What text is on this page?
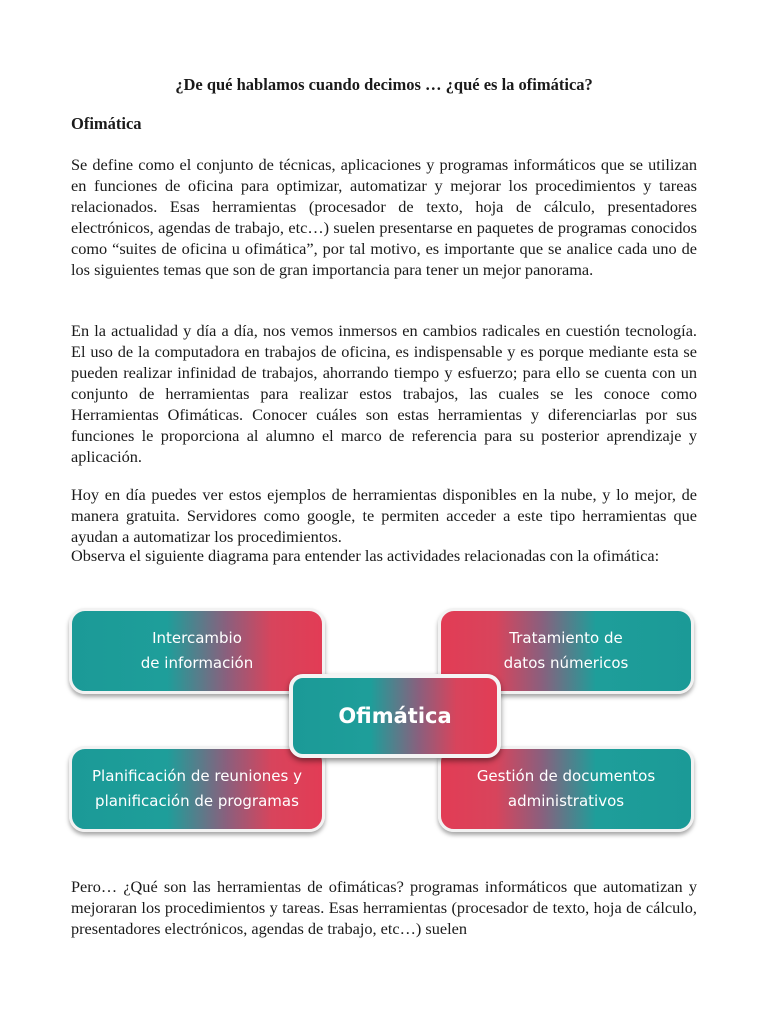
¿De qué hablamos cuando decimos … ¿qué es la ofimática?
Ofimática

Se define como el conjunto de técnicas, aplicaciones y programas informáticos que se utilizan en funciones de oficina para optimizar, automatizar y mejorar los procedimientos y tareas relacionados. Esas herramientas (procesador de texto, hoja de cálculo, presentadores electrónicos, agendas de trabajo, etc…) suelen presentarse en paquetes de programas conocidos como “suites de oficina u ofimática”, por tal motivo, es importante que se analice cada uno de los siguientes temas que son de gran importancia para tener un mejor panorama.

En la actualidad y día a día, nos vemos inmersos en cambios radicales en cuestión tecnología. El uso de la computadora en trabajos de oficina, es indispensable y es porque mediante esta se pueden realizar infinidad de trabajos, ahorrando tiempo y esfuerzo; para ello se cuenta con un conjunto de herramientas para realizar estos trabajos, las cuales se les conoce como Herramientas Ofimáticas. Conocer cuáles son estas herramientas y diferenciarlas por sus funciones le proporciona al alumno el marco de referencia para su posterior aprendizaje y aplicación.

Hoy en día puedes ver estos ejemplos de herramientas disponibles en la nube, y lo mejor, de manera gratuita. Servidores como google, te permiten acceder a este tipo herramientas que ayudan a automatizar los procedimientos.

Observa el siguiente diagrama para entender las actividades relacionadas con la ofimática:

Intercambio
de información
Tratamiento de
datos númericos
Ofimática
Planificación de reuniones y
planificación de programas
Gestión de documentos
administrativos

Pero… ¿Qué son las herramientas de ofimáticas? programas informáticos que automatizan y mejoraran los procedimientos y tareas. Esas herramientas (procesador de texto, hoja de cálculo, presentadores electrónicos, agendas de trabajo, etc…) suelen
